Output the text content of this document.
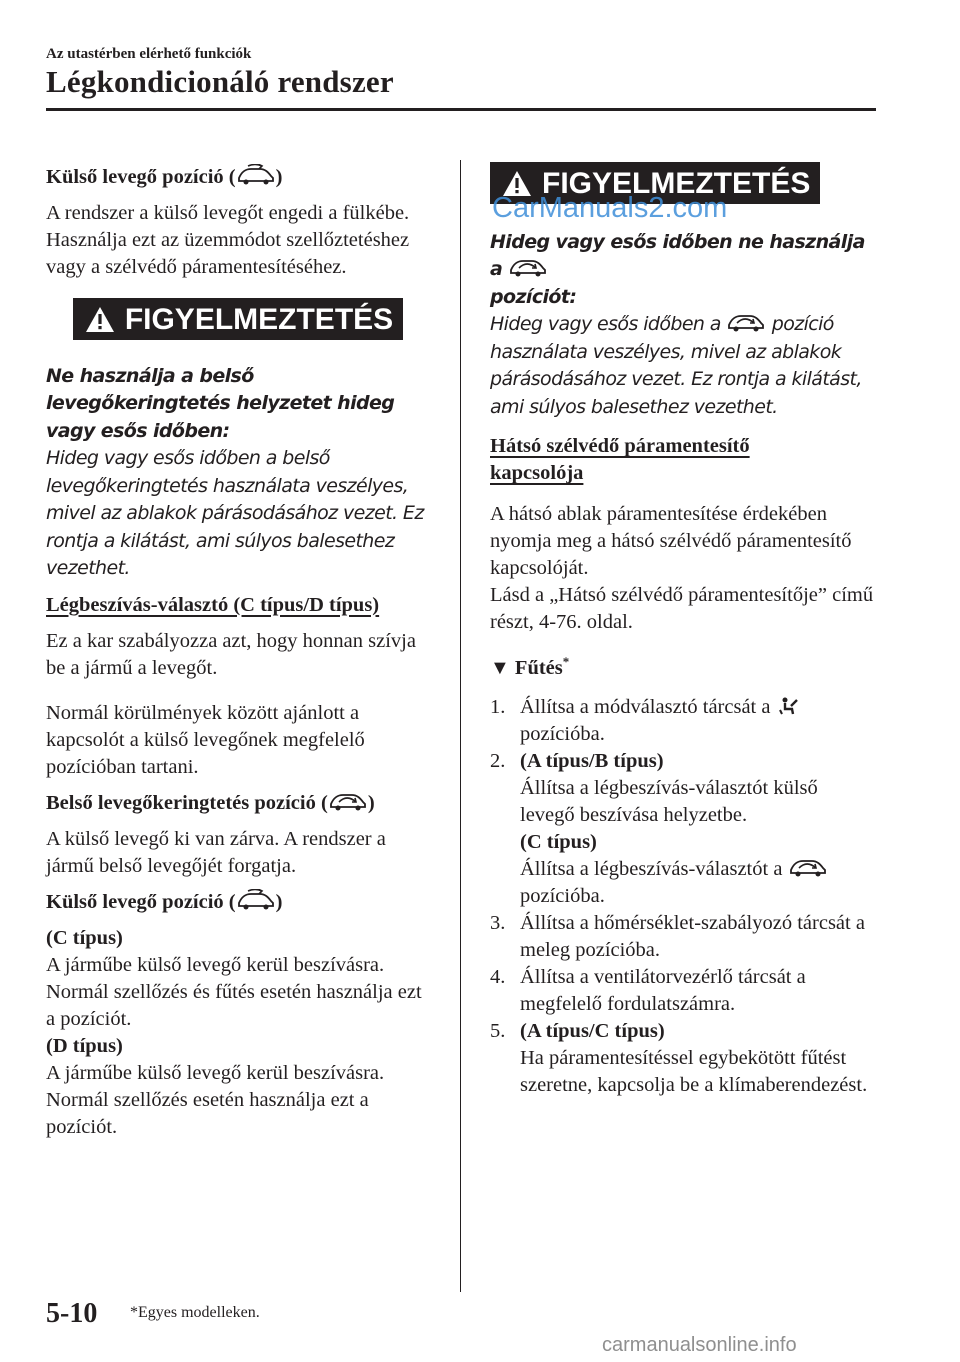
Az utastérben elérhető funkciók
Légkondicionáló rendszer

Külső levegő pozíció ( )

A rendszer a külső levegőt engedi a fülkébe. Használja ezt az üzemmódot szellőztetéshez vagy a szélvédő páramentesítéséhez.

FIGYELMEZTETÉS

Ne használja a belső levegőkeringtetés helyzetet hideg vagy esős időben:
Hideg vagy esős időben a belső levegőkeringtetés használata veszélyes, mivel az ablakok párásodásához vezet. Ez rontja a kilátást, ami súlyos balesethez vezethet.

Légbeszívás-választó (C típus/D típus)

Ez a kar szabályozza azt, hogy honnan szívja be a jármű a levegőt.

Normál körülmények között ajánlott a kapcsolót a külső levegőnek megfelelő pozícióban tartani.

Belső levegőkeringtetés pozíció ( )

A külső levegő ki van zárva. A rendszer a jármű belső levegőjét forgatja.

Külső levegő pozíció ( )

(C típus)

A járműbe külső levegő kerül beszívásra. Normál szellőzés és fűtés esetén használja ezt a pozíciót.

(D típus)

A járműbe külső levegő kerül beszívásra. Normál szellőzés esetén használja ezt a pozíciót.

FIGYELMEZTETÉS

Hideg vagy esős időben ne használja a
pozíciót:
Hideg vagy esős időben a	pozíció használata veszélyes, mivel az ablakok párásodásához vezet. Ez rontja a kilátást, ami súlyos balesethez vezethet.

Hátsó szélvédő páramentesítő
kapcsolója

A hátsó ablak páramentesítése érdekében nyomja meg a hátsó szélvédő páramentesítő kapcsolóját.

Lásd a „Hátsó szélvédő páramentesítője” című részt, 4-76. oldal.

▼ Fűtés*

1. Állítsa a módválasztó tárcsát a
pozícióba.
2. (A típus/B típus)
Állítsa a légbeszívás-választót külső levegő beszívása helyzetbe.
(C típus)
Állítsa a légbeszívás-választót a
pozícióba.
3. Állítsa a hőmérséklet-szabályozó tárcsát a meleg pozícióba.
4. Állítsa a ventilátorvezérlő tárcsát a megfelelő fordulatszámra.
5. (A típus/C típus)
Ha páramentesítéssel egybekötött fűtést szeretne, kapcsolja be a klímaberendezést.
CarManuals2.com
5-10 *Egyes modelleken.
carmanualsonline.info
